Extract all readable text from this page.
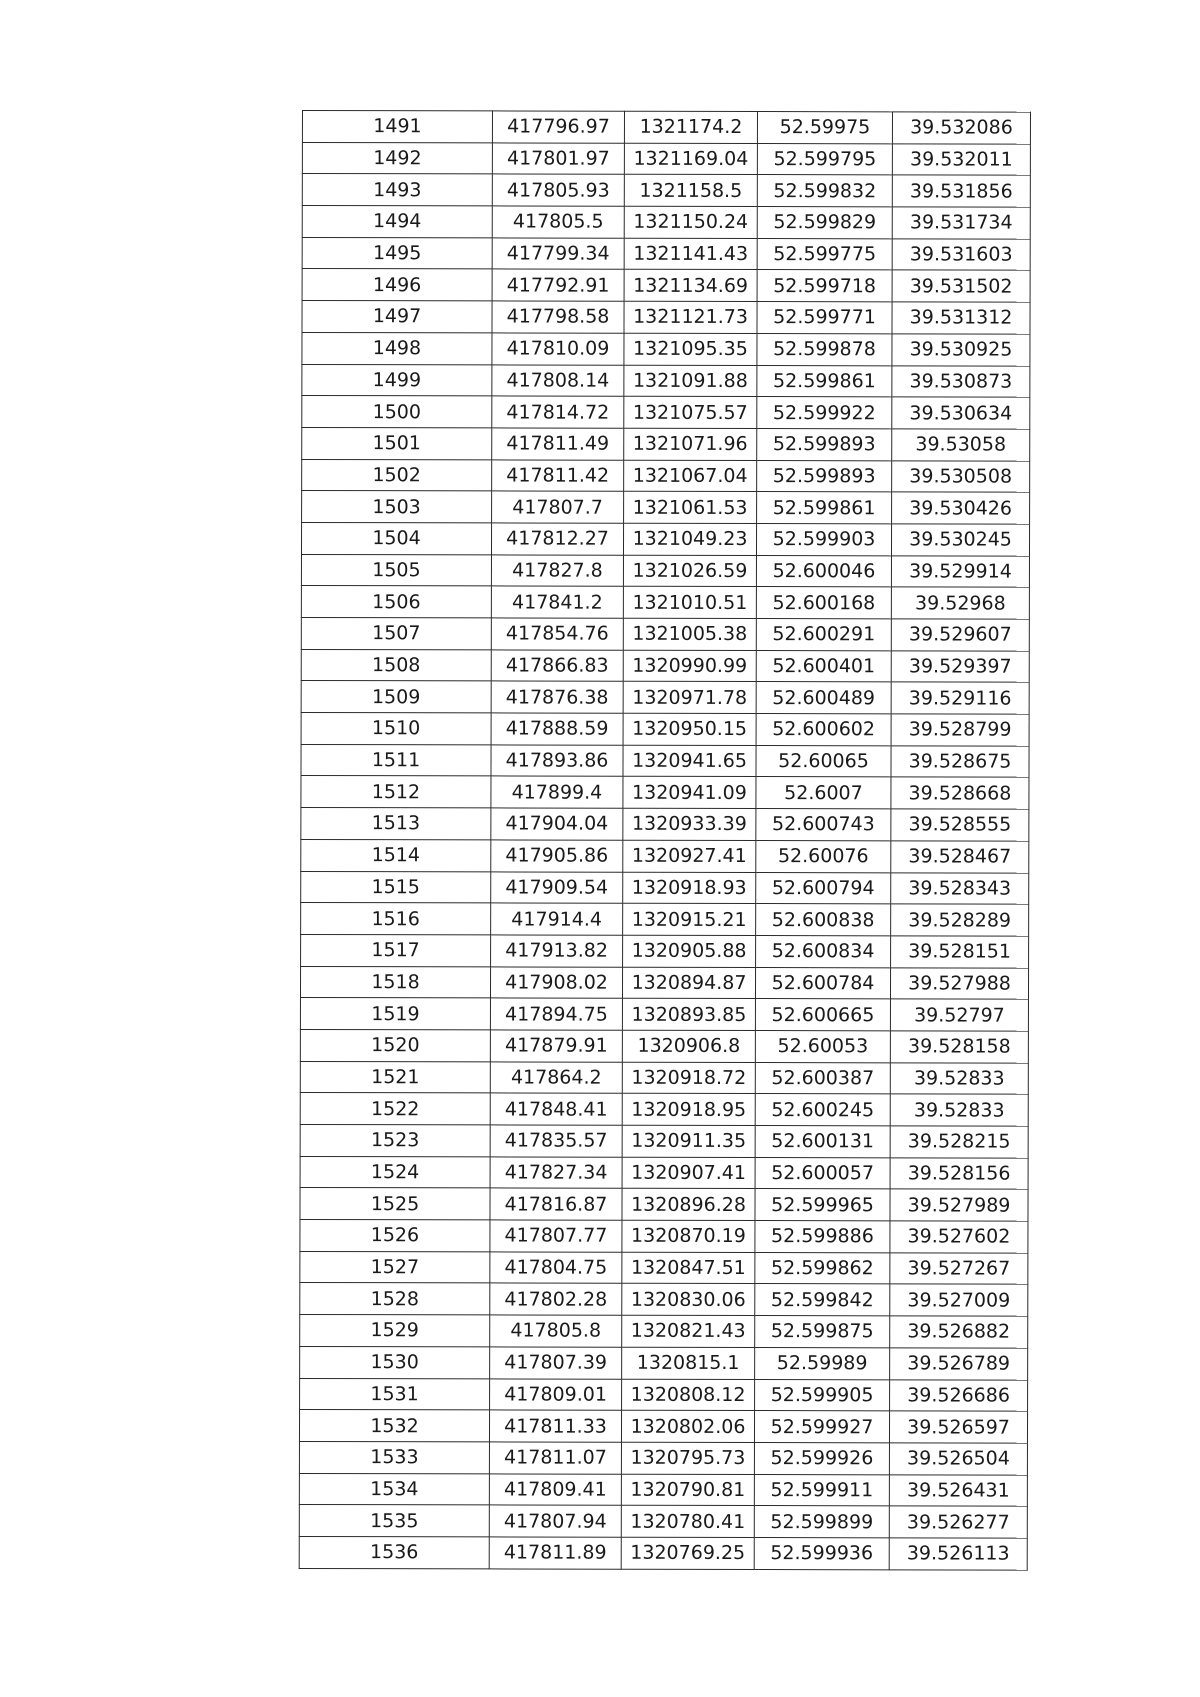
1491	417796.97	1321174.2	52.59975	39.532086
1492	417801.97	1321169.04	52.599795	39.532011
1493	417805.93	1321158.5	52.599832	39.531856
1494	417805.5	1321150.24	52.599829	39.531734
1495	417799.34	1321141.43	52.599775	39.531603
1496	417792.91	1321134.69	52.599718	39.531502
1497	417798.58	1321121.73	52.599771	39.531312
1498	417810.09	1321095.35	52.599878	39.530925
1499	417808.14	1321091.88	52.599861	39.530873
1500	417814.72	1321075.57	52.599922	39.530634
1501	417811.49	1321071.96	52.599893	39.53058
1502	417811.42	1321067.04	52.599893	39.530508
1503	417807.7	1321061.53	52.599861	39.530426
1504	417812.27	1321049.23	52.599903	39.530245
1505	417827.8	1321026.59	52.600046	39.529914
1506	417841.2	1321010.51	52.600168	39.52968
1507	417854.76	1321005.38	52.600291	39.529607
1508	417866.83	1320990.99	52.600401	39.529397
1509	417876.38	1320971.78	52.600489	39.529116
1510	417888.59	1320950.15	52.600602	39.528799
1511	417893.86	1320941.65	52.60065	39.528675
1512	417899.4	1320941.09	52.6007	39.528668
1513	417904.04	1320933.39	52.600743	39.528555
1514	417905.86	1320927.41	52.60076	39.528467
1515	417909.54	1320918.93	52.600794	39.528343
1516	417914.4	1320915.21	52.600838	39.528289
1517	417913.82	1320905.88	52.600834	39.528151
1518	417908.02	1320894.87	52.600784	39.527988
1519	417894.75	1320893.85	52.600665	39.52797
1520	417879.91	1320906.8	52.60053	39.528158
1521	417864.2	1320918.72	52.600387	39.52833
1522	417848.41	1320918.95	52.600245	39.52833
1523	417835.57	1320911.35	52.600131	39.528215
1524	417827.34	1320907.41	52.600057	39.528156
1525	417816.87	1320896.28	52.599965	39.527989
1526	417807.77	1320870.19	52.599886	39.527602
1527	417804.75	1320847.51	52.599862	39.527267
1528	417802.28	1320830.06	52.599842	39.527009
1529	417805.8	1320821.43	52.599875	39.526882
1530	417807.39	1320815.1	52.59989	39.526789
1531	417809.01	1320808.12	52.599905	39.526686
1532	417811.33	1320802.06	52.599927	39.526597
1533	417811.07	1320795.73	52.599926	39.526504
1534	417809.41	1320790.81	52.599911	39.526431
1535	417807.94	1320780.41	52.599899	39.526277
1536	417811.89	1320769.25	52.599936	39.526113
